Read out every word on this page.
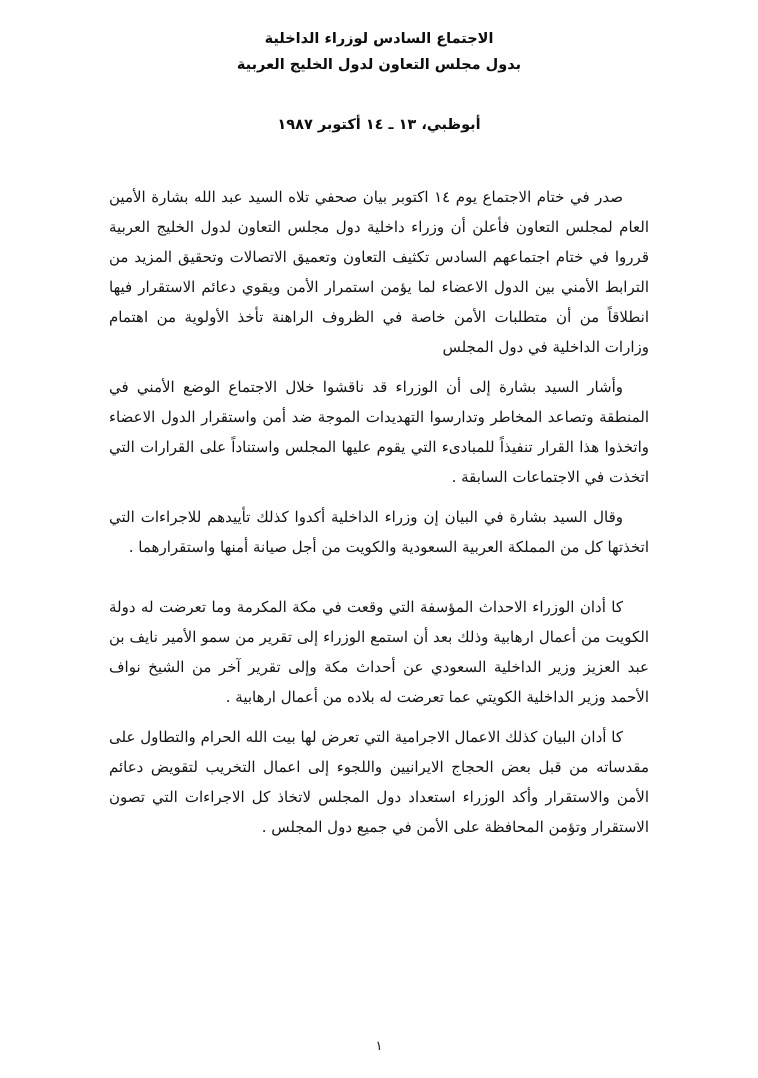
الاجتماع السادس لوزراء الداخلية
بدول مجلس التعاون لدول الخليج العربية
أبوظبي، ١٣ ـ ١٤ أكتوبر ١٩٨٧

صدر في ختام الاجتماع يوم ١٤ اكتوبر بيان صحفي تلاه السيد عبد الله بشارة الأمين العام لمجلس التعاون فأعلن أن وزراء داخلية دول مجلس التعاون لدول الخليج العربية قرروا في ختام اجتماعهم السادس تكثيف التعاون وتعميق الاتصالات وتحقيق المزيد من الترابط الأمني بين الدول الاعضاء لما يؤمن استمرار الأمن ويقوي دعائم الاستقرار فيها انطلاقاً من أن متطلبات الأمن خاصة في الظروف الراهنة تأخذ الأولوية من اهتمام وزارات الداخلية في دول المجلس

وأشار السيد بشارة إلى أن الوزراء قد ناقشوا خلال الاجتماع الوضع الأمني في المنطقة وتصاعد المخاطر وتدارسوا التهديدات الموجة ضد أمن واستقرار الدول الاعضاء واتخذوا هذا القرار تنفيذاً للمبادىء التي يقوم عليها المجلس واستناداً على القرارات التي اتخذت في الاجتماعات السابقة .

وقال السيد بشارة في البيان إن وزراء الداخلية أكدوا كذلك تأييدهم للاجراءات التي اتخذتها كل من المملكة العربية السعودية والكويت من أجل صيانة أمنها واستقرارهما .

كا أدان الوزراء الاحداث المؤسفة التي وقعت في مكة المكرمة وما تعرضت له دولة الكويت من أعمال ارهابية وذلك بعد أن استمع الوزراء إلى تقرير من سمو الأمير نايف بن عبد العزيز وزير الداخلية السعودي عن أحداث مكة وإلى تقرير آخر من الشيخ نواف الأحمد وزير الداخلية الكويتي عما تعرضت له بلاده من أعمال ارهابية .

كا أدان البيان كذلك الاعمال الاجرامية التي تعرض لها بيت الله الحرام والتطاول على مقدساته من قبل بعض الحجاج الايرانيين واللجوء إلى اعمال التخريب لتقويض دعائم الأمن والاستقرار وأكد الوزراء استعداد دول المجلس لاتخاذ كل الاجراءات التي تصون الاستقرار وتؤمن المحافظة على الأمن في جميع دول المجلس .

١
